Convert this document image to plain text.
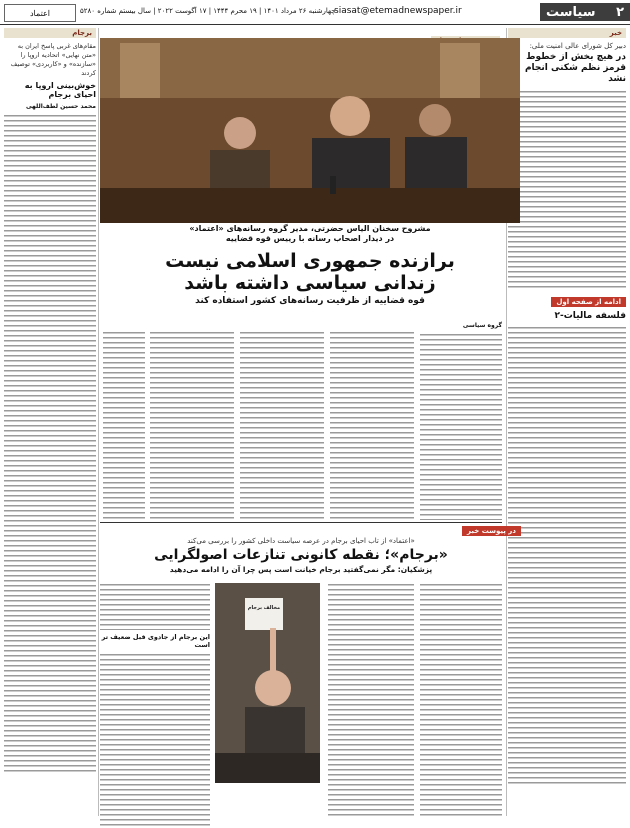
۲
سیاست
siasat@etemadnewspaper.ir
چهارشنبه ۲۶ مرداد ۱۴۰۱ | ۱۹ محرم ۱۴۴۴ | ۱۷ آگوست ۲۰۲۲ | سال بیستم شماره ۵۲۸۰
اعتماد
خبر
دبیر کل شورای عالی امنیت ملی:
در هیچ بخش از خطوط قرمز نظم شکنی انجام نشد
ادامه از صفحه اول
فلسفه مالیات-۲
مشروح سخنان الیاس حضرتی، مدیر گروه رسانه‌های «اعتماد»
در دیدار اصحاب رسانه با رییس قوه قضاییه
برازنده جمهوری اسلامی نیست
زندانی سیاسی داشته باشد
قوه قضاییه از ظرفیت رسانه‌های کشور استفاده کند
گروه سیاسی
در پیوست خبر
«اعتماد» از تاب احیای برجام در عرصه سیاست داخلی کشور را بررسی می‌کند
«برجام»؛ نقطه کانونی تنازعات اصولگرایی
پزشکیان: مگر نمی‌گفتید برجام خیانت است پس چرا آن را ادامه می‌دهید
مخالف برجام
این برجام از جادوی قبل ضعیف تر است
برجام
مقام‌های غربی پاسخ ایران به «متن نهایی» اتحادیه اروپا را «سازنده» و «کاربردی» توصیف کردند
خوش‌بینی اروپا به احیای برجام
محمد حسین لطف‌اللهی
